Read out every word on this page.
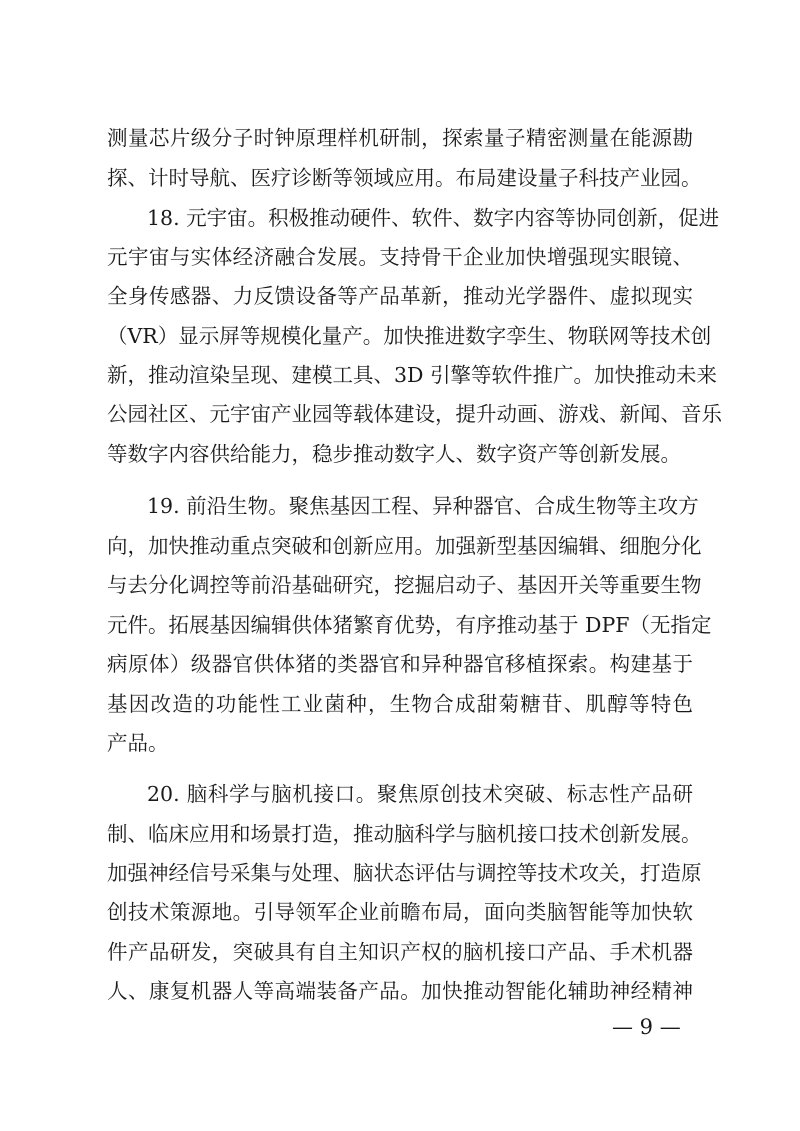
测量芯片级分子时钟原理样机研制，探索量子精密测量在能源勘
探、计时导航、医疗诊断等领域应用。布局建设量子科技产业园。
18. 元宇宙。积极推动硬件、软件、数字内容等协同创新，促进
元宇宙与实体经济融合发展。支持骨干企业加快增强现实眼镜、
全身传感器、力反馈设备等产品革新，推动光学器件、虚拟现实
（VR）显示屏等规模化量产。加快推进数字孪生、物联网等技术创
新，推动渲染呈现、建模工具、3D 引擎等软件推广。加快推动未来
公园社区、元宇宙产业园等载体建设，提升动画、游戏、新闻、音乐
等数字内容供给能力，稳步推动数字人、数字资产等创新发展。
19. 前沿生物。聚焦基因工程、异种器官、合成生物等主攻方
向，加快推动重点突破和创新应用。加强新型基因编辑、细胞分化
与去分化调控等前沿基础研究，挖掘启动子、基因开关等重要生物
元件。拓展基因编辑供体猪繁育优势，有序推动基于 DPF（无指定
病原体）级器官供体猪的类器官和异种器官移植探索。构建基于
基因改造的功能性工业菌种，生物合成甜菊糖苷、肌醇等特色
产品。
20. 脑科学与脑机接口。聚焦原创技术突破、标志性产品研
制、临床应用和场景打造，推动脑科学与脑机接口技术创新发展。
加强神经信号采集与处理、脑状态评估与调控等技术攻关，打造原
创技术策源地。引导领军企业前瞻布局，面向类脑智能等加快软
件产品研发，突破具有自主知识产权的脑机接口产品、手术机器
人、康复机器人等高端装备产品。加快推动智能化辅助神经精神
— 9 —
